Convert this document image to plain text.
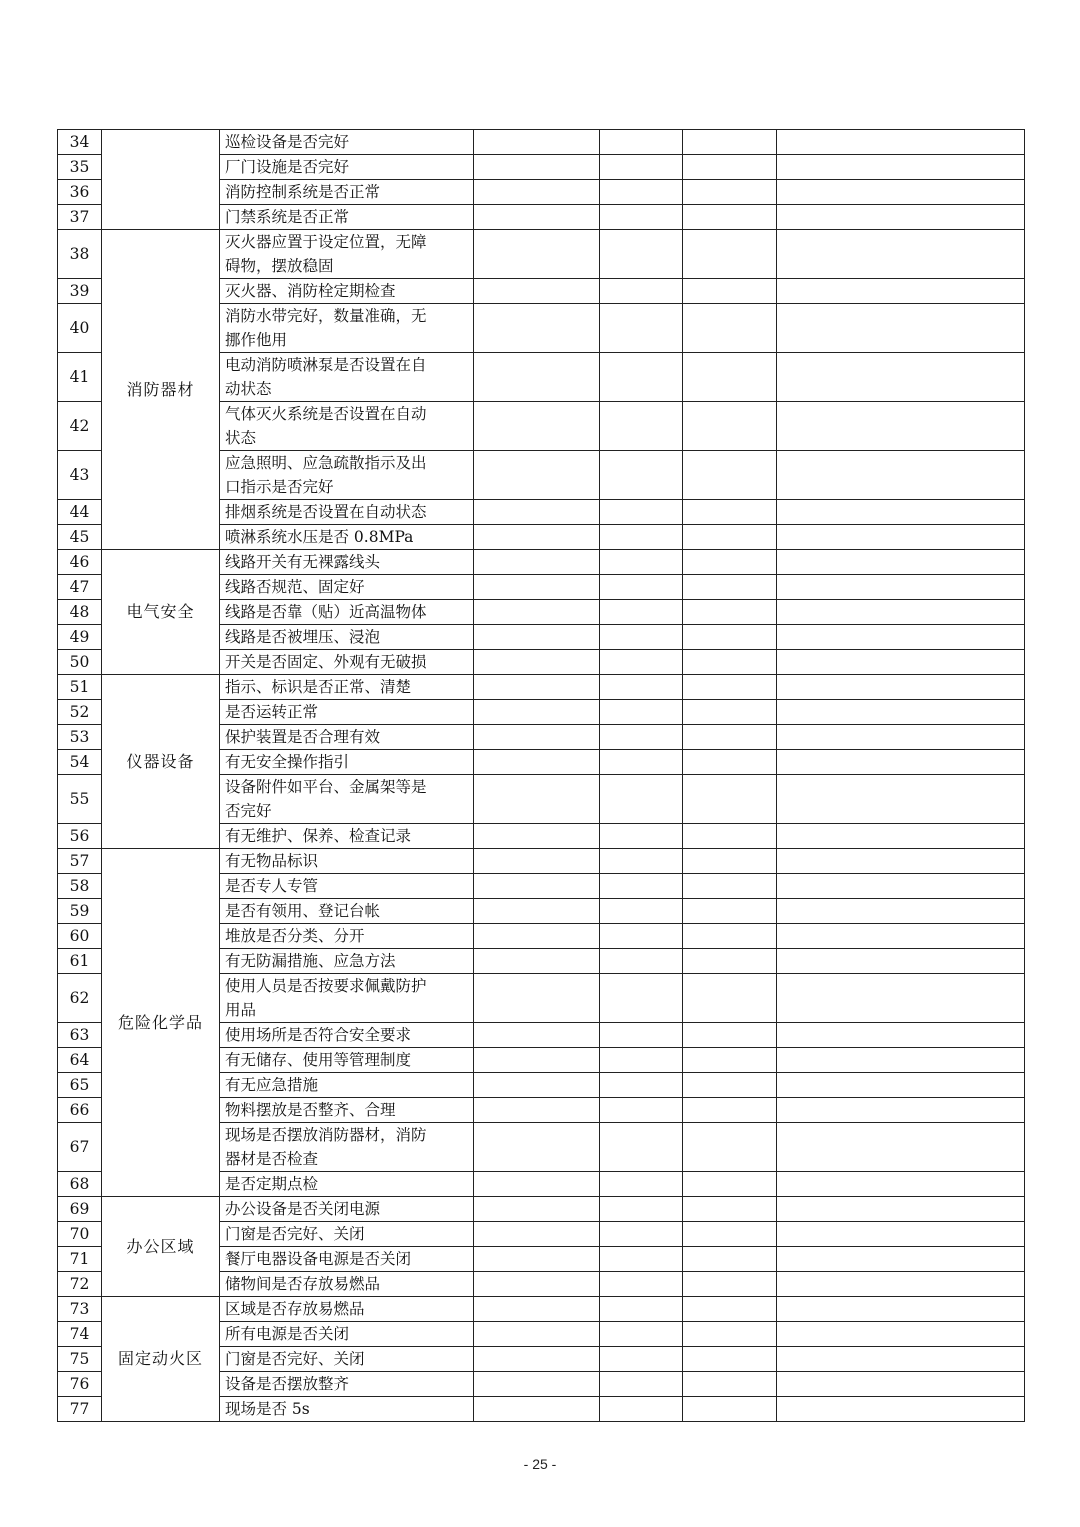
34		巡检设备是否完好				
35		厂门设施是否完好				
36		消防控制系统是否正常				
37		门禁系统是否正常				
38	消防器材	灭火器应置于设定位置，无障
碍物，摆放稳固				
39		灭火器、消防栓定期检查				
40		消防水带完好，数量准确，无
挪作他用				
41		电动消防喷淋泵是否设置在自
动状态				
42		气体灭火系统是否设置在自动
状态				
43		应急照明、应急疏散指示及出
口指示是否完好				
44		排烟系统是否设置在自动状态				
45		喷淋系统水压是否 0.8MPa				
46	电气安全	线路开关有无裸露线头				
47		线路否规范、固定好				
48		线路是否靠（贴）近高温物体				
49		线路是否被埋压、浸泡				
50		开关是否固定、外观有无破损				
51	仪器设备	指示、标识是否正常、清楚				
52		是否运转正常				
53		保护装置是否合理有效				
54		有无安全操作指引				
55		设备附件如平台、金属架等是
否完好				
56		有无维护、保养、检查记录				
57	危险化学品	有无物品标识				
58		是否专人专管				
59		是否有领用、登记台帐				
60		堆放是否分类、分开				
61		有无防漏措施、应急方法				
62		使用人员是否按要求佩戴防护
用品				
63		使用场所是否符合安全要求				
64		有无储存、使用等管理制度				
65		有无应急措施				
66		物料摆放是否整齐、合理				
67		现场是否摆放消防器材，消防
器材是否检查				
68		是否定期点检				
69	办公区域	办公设备是否关闭电源				
70		门窗是否完好、关闭				
71		餐厅电器设备电源是否关闭				
72		储物间是否存放易燃品				
73	固定动火区	区域是否存放易燃品				
74		所有电源是否关闭				
75		门窗是否完好、关闭				
76		设备是否摆放整齐				
77		现场是否 5s				
- 25 -
